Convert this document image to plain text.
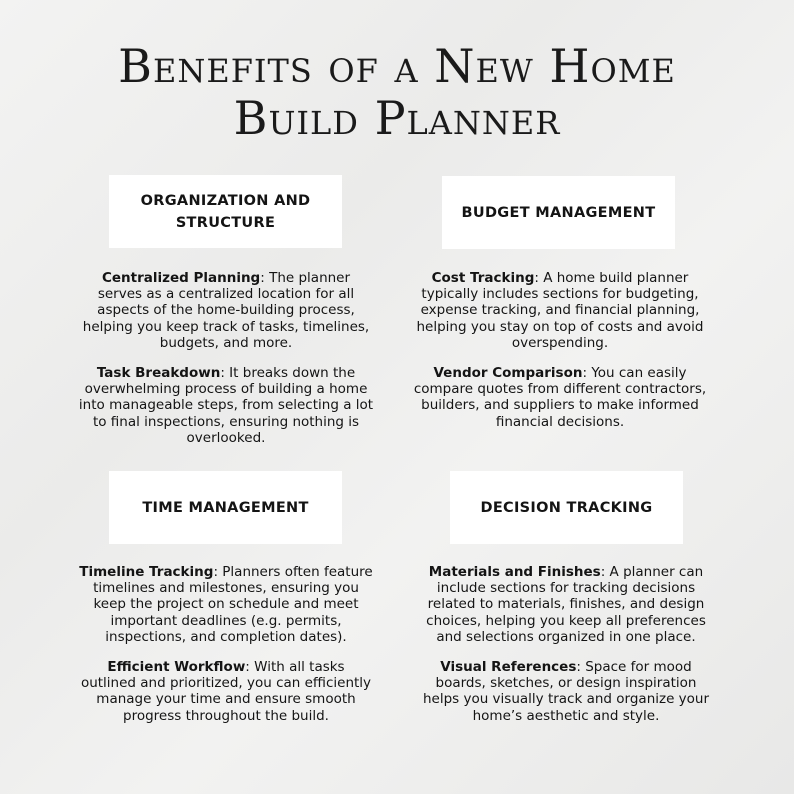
Benefits of a New Home
Build Planner
ORGANIZATION AND STRUCTURE

Centralized Planning: The planner serves as a centralized location for all aspects of the home-building process, helping you keep track of tasks, timelines, budgets, and more.

Task Breakdown: It breaks down the overwhelming process of building a home into manageable steps, from selecting a lot to final inspections, ensuring nothing is overlooked.

BUDGET MANAGEMENT

Cost Tracking: A home build planner typically includes sections for budgeting, expense tracking, and financial planning, helping you stay on top of costs and avoid overspending.

Vendor Comparison: You can easily compare quotes from different contractors, builders, and suppliers to make informed financial decisions.

TIME MANAGEMENT

Timeline Tracking: Planners often feature timelines and milestones, ensuring you keep the project on schedule and meet important deadlines (e.g. permits, inspections, and completion dates).

Efficient Workflow: With all tasks outlined and prioritized, you can efficiently manage your time and ensure smooth progress throughout the build.

DECISION TRACKING

Materials and Finishes: A planner can include sections for tracking decisions related to materials, finishes, and design choices, helping you keep all preferences and selections organized in one place.

Visual References: Space for mood boards, sketches, or design inspiration helps you visually track and organize your home’s aesthetic and style.
